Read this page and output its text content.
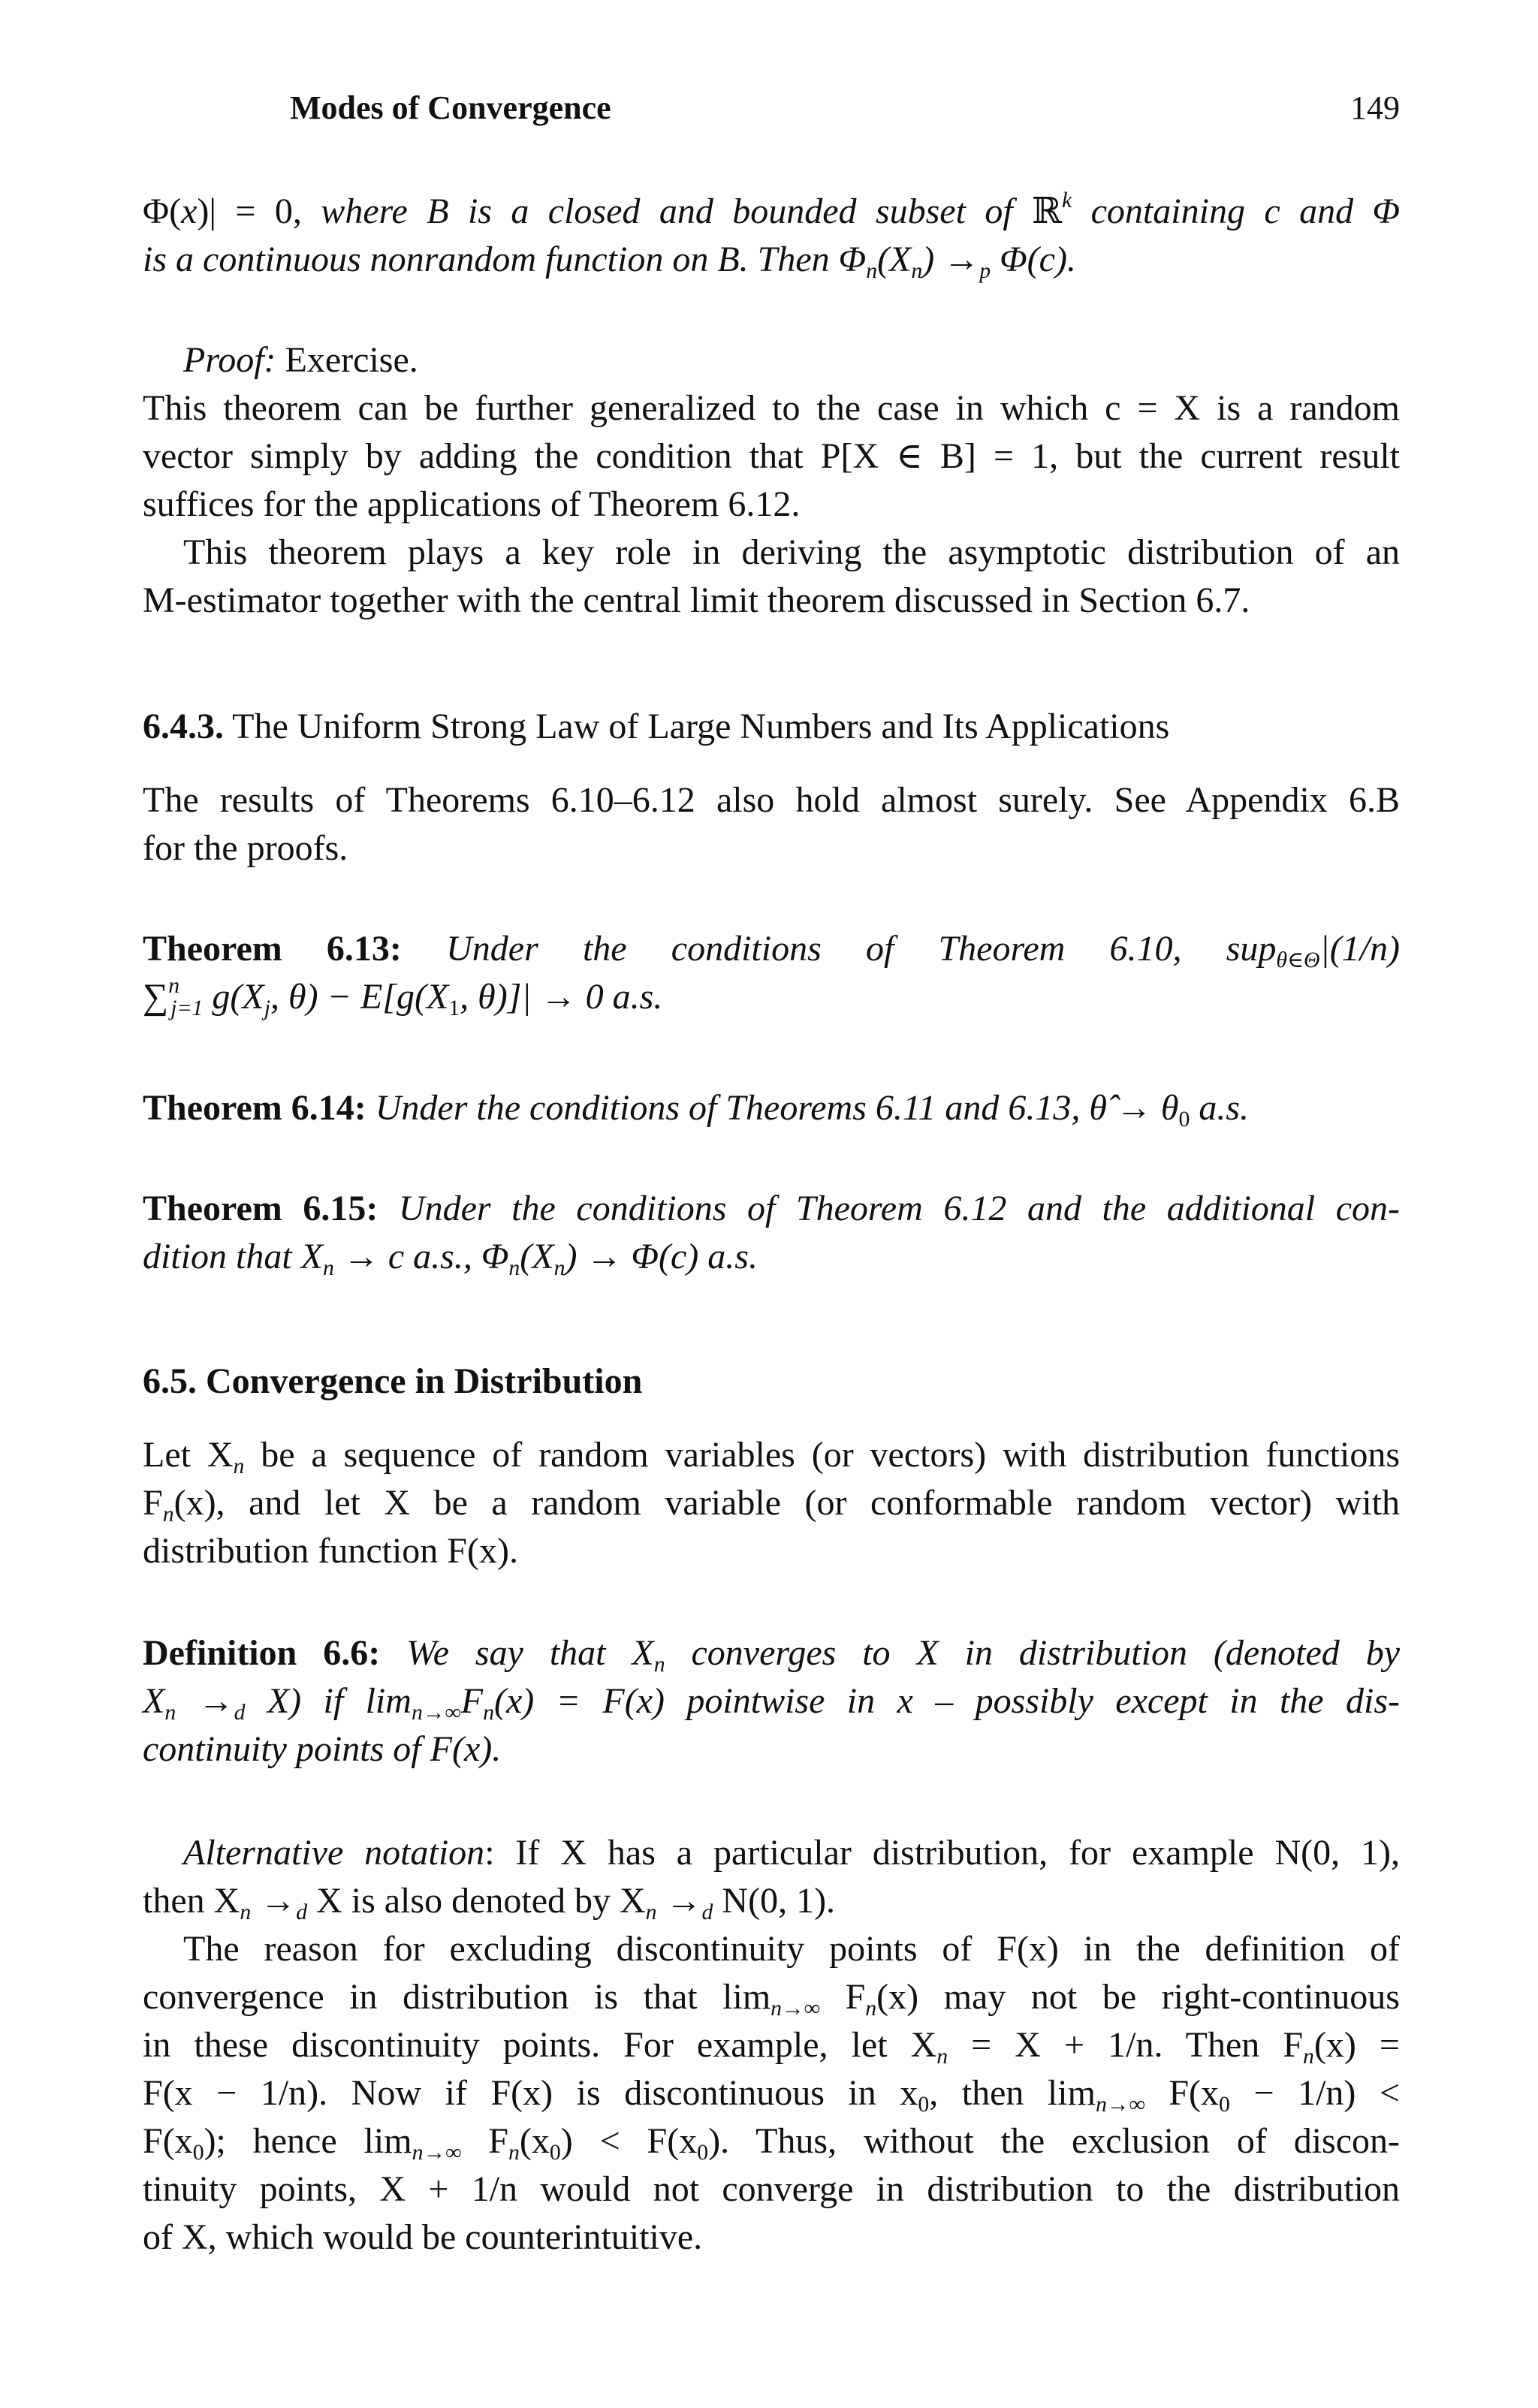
Modes of Convergence	149
Φ(x)| = 0, where B is a closed and bounded subset of ℝ$^k$ containing c and Φ
is a continuous nonrandom function on B. Then $\Phi_n(X_n) \to_p$ Φ(c).
Proof: Exercise.
This theorem can be further generalized to the case in which c = X is a random
vector simply by adding the condition that P[X ∈ B] = 1, but the current result
suffices for the applications of Theorem 6.12.
This theorem plays a key role in deriving the asymptotic distribution of an
M-estimator together with the central limit theorem discussed in Section 6.7.
6.4.3. The Uniform Strong Law of Large Numbers and Its Applications
The results of Theorems 6.10–6.12 also hold almost surely. See Appendix 6.B
for the proofs.
Theorem 6.13: Under the conditions of Theorem 6.10, sup$_{\theta\in\Theta}$|(1/n)
∑$^n_{j=1}$ $g(X_j$, $\theta) - E[g(X_1$, θ)]| → 0 a.s.
Theorem 6.14: Under the conditions of Theorems 6.11 and 6.13, θ̂ → $\theta_0$ a.s.
Theorem 6.15: Under the conditions of Theorem 6.12 and the additional con-
dition that $X_n \to c$ a.s., $\Phi_n(X_n) \to \Phi(c)$ a.s.
6.5. Convergence in Distribution
Let $X_n$ be a sequence of random variables (or vectors) with distribution functions
$F_n(x)$, and let X be a random variable (or conformable random vector) with
distribution function F(x).
Definition 6.6: We say that $X_n$ converges to X in distribution (denoted by
$X_n \to_d$ X) if $\lim_{n\to\infty}F_n(x) = F(x)$ pointwise in x – possibly except in the dis-
continuity points of F(x).
Alternative notation: If X has a particular distribution, for example N(0, 1),
then $X_n \to_d$ X is also denoted by $X_n \to_d$ N(0, 1).
The reason for excluding discontinuity points of F(x) in the definition of
convergence in distribution is that $\lim_{n\to\infty} F_n(x)$ may not be right-continuous
in these discontinuity points. For example, let $X_n = X + 1/n$. Then $F_n(x)$ =
F(x − 1/n). Now if F(x) is discontinuous in $x_0$, then $\lim_{n\to\infty} F(x_0 - 1/n)$ <
$F(x_0)$; hence $\lim_{n\to\infty} F_n(x_0) < F(x_0)$. Thus, without the exclusion of discon-
tinuity points, X + 1/n would not converge in distribution to the distribution
of X, which would be counterintuitive.
